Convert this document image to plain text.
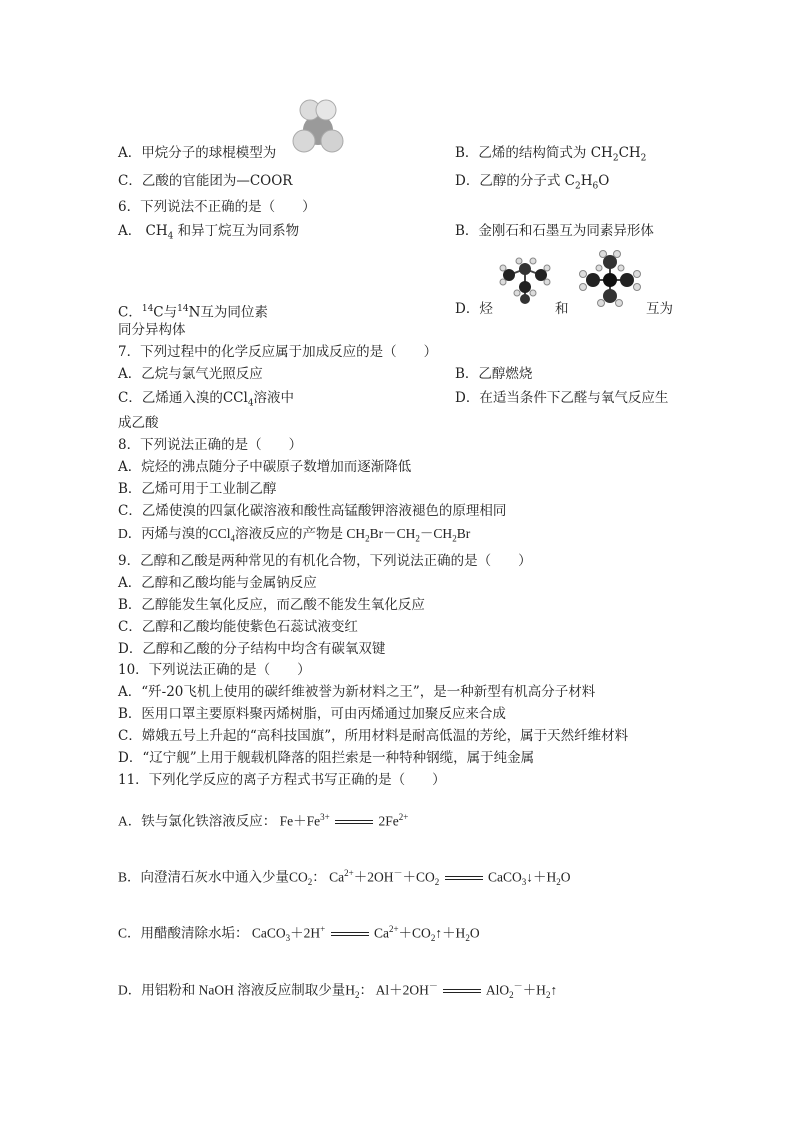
A．甲烷分子的球棍模型为	B．乙烯的结构简式为 $CH_2CH_2$
C．乙酸的官能团为—COOR	D．乙醇的分子式 $C_2H_6O$
6．下列说法不正确的是（　　）
A． $CH_4$ 和异丁烷互为同系物	B．金刚石和石墨互为同素异形体
C．$^{14}$C与$^{14}$N互为同位素	D．烃	和	互为
同分异构体
7．下列过程中的化学反应属于加成反应的是（　　）
A．乙烷与氯气光照反应	B．乙醇燃烧
C．乙烯通入溴的CCl$_4$溶液中	D．在适当条件下乙醛与氧气反应生
成乙酸
8．下列说法正确的是（　　）
A．烷烃的沸点随分子中碳原子数增加而逐渐降低
B．乙烯可用于工业制乙醇
C．乙烯使溴的四氯化碳溶液和酸性高锰酸钾溶液褪色的原理相同
D．丙烯与溴的CCl$_4$溶液反应的产物是 $CH_2Br-CH_2-CH_2Br$
9．乙醇和乙酸是两种常见的有机化合物，下列说法正确的是（　　）
A．乙醇和乙酸均能与金属钠反应
B．乙醇能发生氧化反应，而乙酸不能发生氧化反应
C．乙醇和乙酸均能使紫色石蕊试液变红
D．乙醇和乙酸的分子结构中均含有碳氧双键
10．下列说法正确的是（　　）
A．“歼-20飞机上使用的碳纤维被誉为新材料之王”，是一种新型有机高分子材料
B．医用口罩主要原料聚丙烯树脂，可由丙烯通过加聚反应来合成
C．嫦娥五号上升起的“高科技国旗”，所用材料是耐高低温的芳纶，属于天然纤维材料
D．“辽宁舰”上用于舰载机降落的阻拦索是一种特种钢缆，属于纯金属
11．下列化学反应的离子方程式书写正确的是（　　）
A．铁与氯化铁溶液反应： $Fe+Fe^{3+}$	$2Fe^{2+}$
B．向澄清石灰水中通入少量$CO_2$： $Ca^{2+}+2OH^-+CO_2$	$CaCO_3↓+H_2O$
C．用醋酸清除水垢： CaCO$_3$＋2H+	$Ca^{2+}+CO_2↑+H_2O$
D．用铝粉和 NaOH 溶液反应制取少量$H_2$： Al＋2OH－	$AlO_2^-+H_2↑$
